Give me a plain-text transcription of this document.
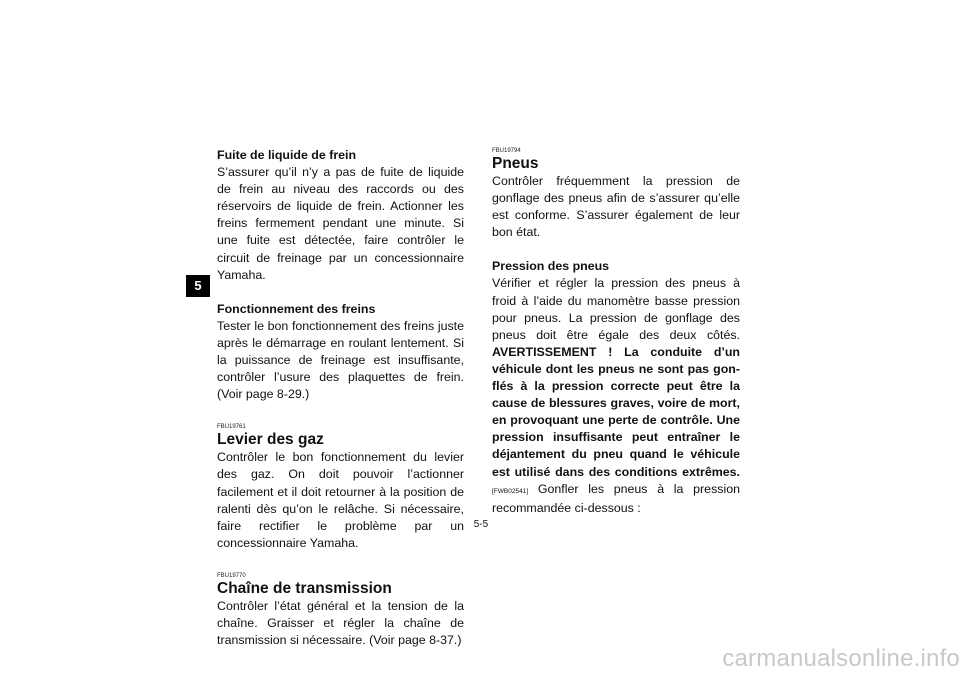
5
Fuite de liquide de frein

S’assurer qu’il n’y a pas de fuite de liquide de frein au niveau des raccords ou des réservoirs de liquide de frein. Actionner les freins fermement pendant une minute. Si une fuite est détectée, faire contrôler le circuit de freinage par un concessionnaire Yamaha.

Fonctionnement des freins

Tester le bon fonctionnement des freins juste après le démarrage en roulant lentement. Si la puissance de freinage est insuffisante, contrôler l’usure des plaquettes de frein. (Voir page 8-29.)

FBU19761
Levier des gaz

Contrôler le bon fonctionnement du levier des gaz. On doit pouvoir l’actionner facilement et il doit retourner à la position de ralenti dès qu’on le relâche. Si nécessaire, faire rectifier le problème par un concessionnaire Yamaha.

FBU19770
Chaîne de transmission

Contrôler l’état général et la tension de la chaîne. Graisser et régler la chaîne de transmission si nécessaire. (Voir page 8-37.)

FBU19794
Pneus

Contrôler fréquemment la pression de gonflage des pneus afin de s’assurer qu’elle est conforme. S’assurer également de leur bon état.

Pression des pneus

Vérifier et régler la pression des pneus à froid à l’aide du manomètre basse pression pour pneus. La pression de gonflage des pneus doit être égale des deux côtés. AVERTISSEMENT ! La conduite d’un véhicule dont les pneus ne sont pas gonflés à la pression correcte peut être la cause de blessures graves, voire de mort, en provoquant une perte de contrôle. Une pression insuffisante peut entraîner le déjantement du pneu quand le véhicule est utilisé dans des conditions extrêmes.[FWB02541] Gonfler les pneus à la pression recommandée ci-dessous :

5-5
carmanualsonline.info
